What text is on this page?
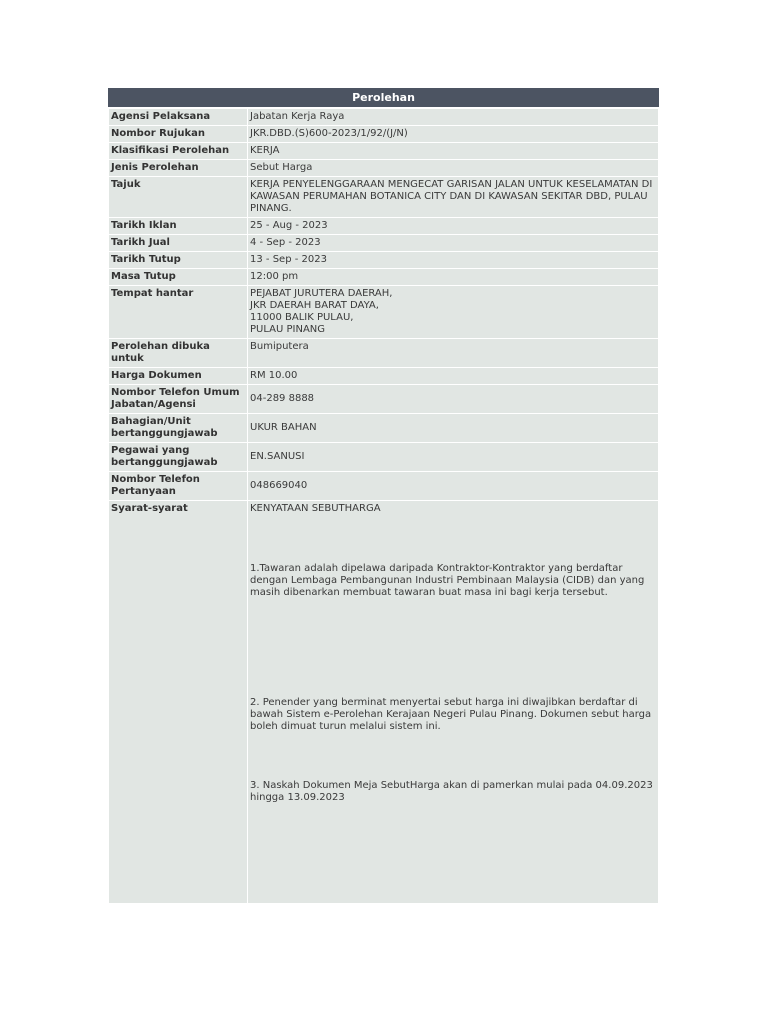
Perolehan
Agensi Pelaksana	Jabatan Kerja Raya
Nombor Rujukan	JKR.DBD.(S)600-2023/1/92/(J/N)
Klasifikasi Perolehan	KERJA
Jenis Perolehan	Sebut Harga
Tajuk	KERJA PENYELENGGARAAN MENGECAT GARISAN JALAN UNTUK KESELAMATAN DI KAWASAN PERUMAHAN BOTANICA CITY DAN DI KAWASAN SEKITAR DBD, PULAU PINANG.
Tarikh Iklan	25 - Aug - 2023
Tarikh Jual	4 - Sep - 2023
Tarikh Tutup	13 - Sep - 2023
Masa Tutup	12:00 pm
Tempat hantar	PEJABAT JURUTERA DAERAH,
JKR DAERAH BARAT DAYA,
11000 BALIK PULAU,
PULAU PINANG
Perolehan dibuka untuk	Bumiputera
Harga Dokumen	RM 10.00
Nombor Telefon Umum Jabatan/Agensi	04-289 8888
Bahagian/Unit bertanggungjawab	UKUR BAHAN
Pegawai yang bertanggungjawab	EN.SANUSI
Nombor Telefon Pertanyaan	048669040
Syarat-syarat	KENYATAAN SEBUTHARGA
1.Tawaran adalah dipelawa daripada Kontraktor-Kontraktor yang berdaftar dengan Lembaga Pembangunan Industri Pembinaan Malaysia (CIDB) dan yang masih dibenarkan membuat tawaran buat masa ini bagi kerja tersebut.
2. Penender yang berminat menyertai sebut harga ini diwajibkan berdaftar di bawah Sistem e-Perolehan Kerajaan Negeri Pulau Pinang. Dokumen sebut harga boleh dimuat turun melalui sistem ini.
3. Naskah Dokumen Meja SebutHarga akan di pamerkan mulai pada 04.09.2023 hingga 13.09.2023
